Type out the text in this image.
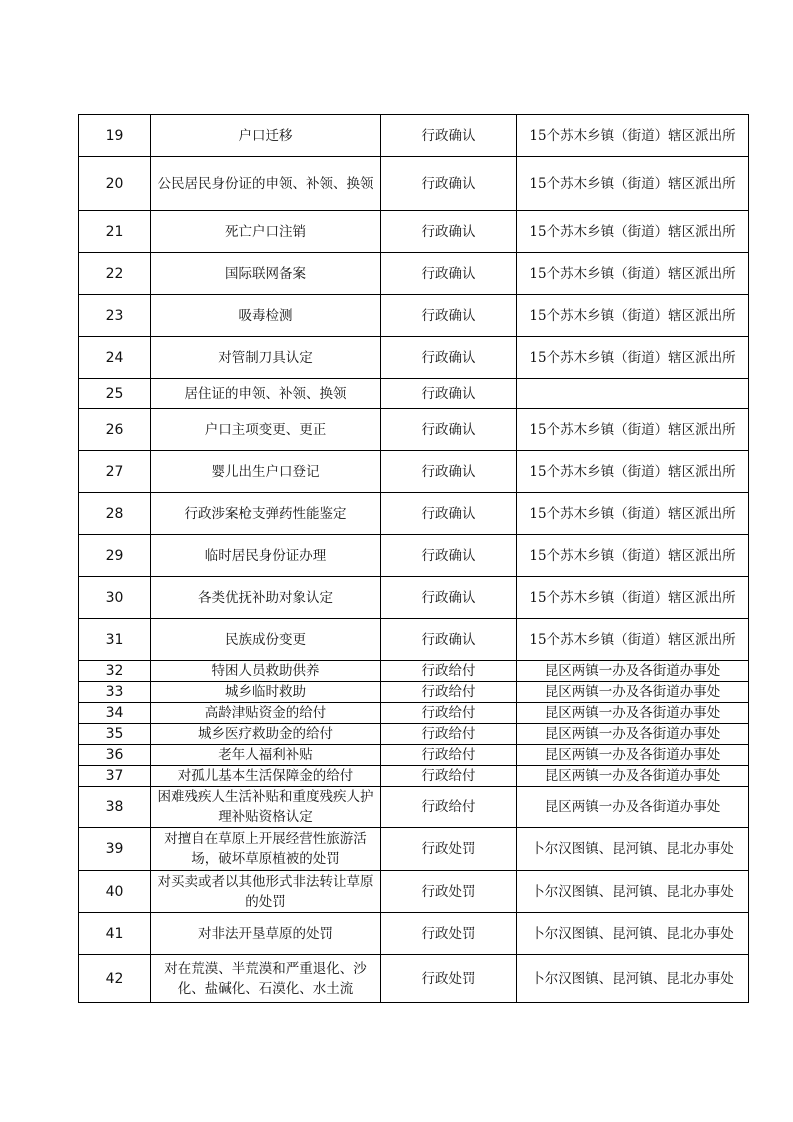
19	户口迁移	行政确认	15个苏木乡镇（街道）辖区派出所
20	公民居民身份证的申领、补领、换领	行政确认	15个苏木乡镇（街道）辖区派出所
21	死亡户口注销	行政确认	15个苏木乡镇（街道）辖区派出所
22	国际联网备案	行政确认	15个苏木乡镇（街道）辖区派出所
23	吸毒检测	行政确认	15个苏木乡镇（街道）辖区派出所
24	对管制刀具认定	行政确认	15个苏木乡镇（街道）辖区派出所
25	居住证的申领、补领、换领	行政确认	
26	户口主项变更、更正	行政确认	15个苏木乡镇（街道）辖区派出所
27	婴儿出生户口登记	行政确认	15个苏木乡镇（街道）辖区派出所
28	行政涉案枪支弹药性能鉴定	行政确认	15个苏木乡镇（街道）辖区派出所
29	临时居民身份证办理	行政确认	15个苏木乡镇（街道）辖区派出所
30	各类优抚补助对象认定	行政确认	15个苏木乡镇（街道）辖区派出所
31	民族成份变更	行政确认	15个苏木乡镇（街道）辖区派出所
32	特困人员救助供养	行政给付	昆区两镇一办及各街道办事处
33	城乡临时救助	行政给付	昆区两镇一办及各街道办事处
34	高龄津贴资金的给付	行政给付	昆区两镇一办及各街道办事处
35	城乡医疗救助金的给付	行政给付	昆区两镇一办及各街道办事处
36	老年人福利补贴	行政给付	昆区两镇一办及各街道办事处
37	对孤儿基本生活保障金的给付	行政给付	昆区两镇一办及各街道办事处
38	困难残疾人生活补贴和重度残疾人护理补贴资格认定	行政给付	昆区两镇一办及各街道办事处
39	对擅自在草原上开展经营性旅游活场，破坏草原植被的处罚	行政处罚	卜尔汉图镇、昆河镇、昆北办事处
40	对买卖或者以其他形式非法转让草原的处罚	行政处罚	卜尔汉图镇、昆河镇、昆北办事处
41	对非法开垦草原的处罚	行政处罚	卜尔汉图镇、昆河镇、昆北办事处
42	对在荒漠、半荒漠和严重退化、沙化、盐碱化、石漠化、水土流	行政处罚	卜尔汉图镇、昆河镇、昆北办事处
